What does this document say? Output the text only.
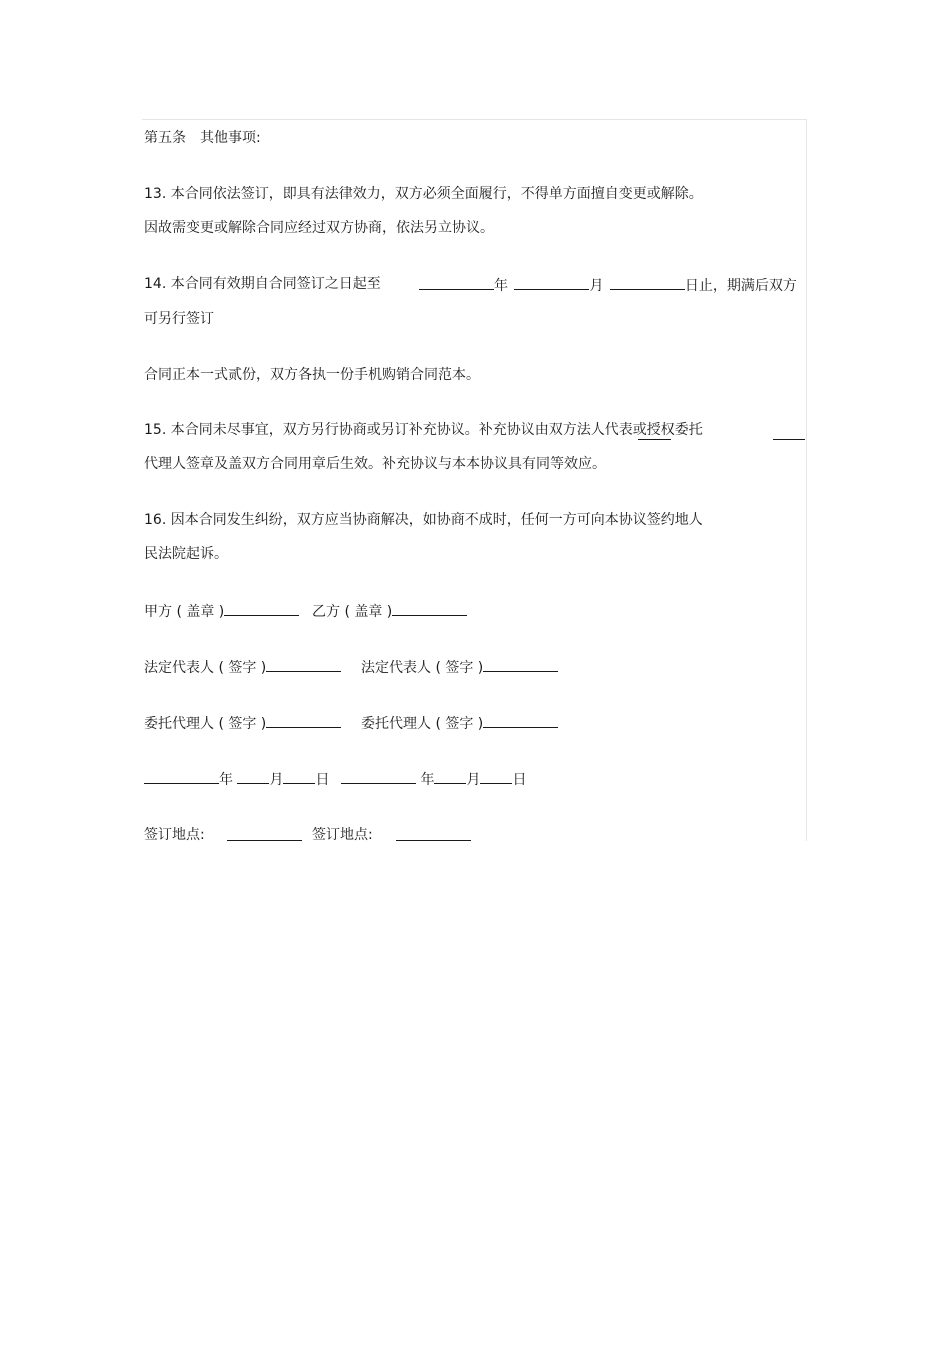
第五条　其他事项:
13. 本合同依法签订，即具有法律效力，双方必须全面履行，不得单方面擅自变更或解除。
因故需变更或解除合同应经过双方协商，依法另立协议。
14. 本合同有效期自合同签订之日起至	年	月	日止，期满后双方
可另行签订
合同正本一式贰份，双方各执一份手机购销合同范本。
15. 本合同未尽事宜，双方另行协商或另订补充协议。补充协议由双方法人代表或授权委托
代理人签章及盖双方合同用章后生效。补充协议与本本协议具有同等效应。
16. 因本合同发生纠纷，双方应当协商解决，如协商不成时，任何一方可向本协议签约地人
民法院起诉。
甲方 ( 盖章 )	乙方 ( 盖章 )
法定代表人 ( 签字 )	法定代表人 ( 签字 )
委托代理人 ( 签字 )	委托代理人 ( 签字 )
年	月 日	年 月 日
签订地点:	签订地点:
